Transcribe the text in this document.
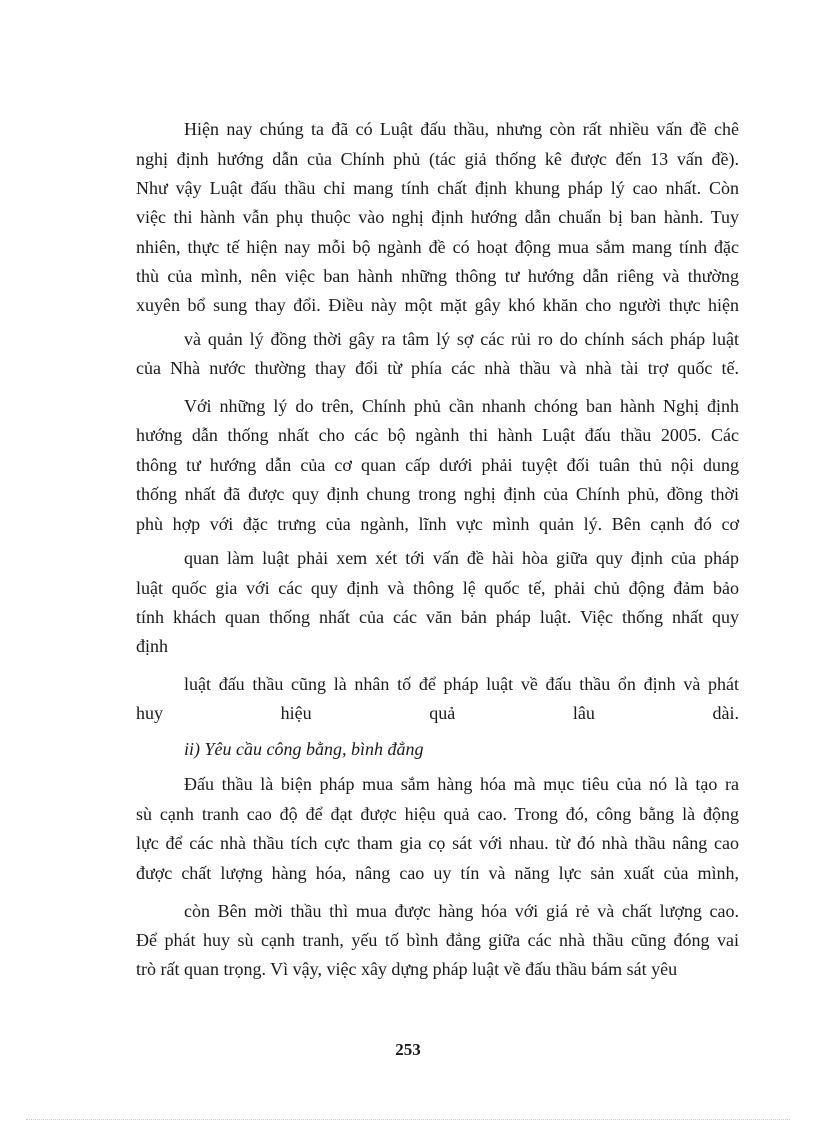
Hiện nay chúng ta đã có Luật đấu thầu, nhưng còn rất nhiều vấn đề chê
nghị định hướng dẫn của Chính phủ (tác giả thống kê được đến 13 vấn đề).
Như vậy Luật đấu thầu chỉ mang tính chất định khung pháp lý cao nhất. Còn
việc thi hành vẫn phụ thuộc vào nghị định hướng dẫn chuẩn bị ban hành. Tuy
nhiên, thực tế hiện nay mỗi bộ ngành đề có hoạt động mua sắm mang tính đặc
thù của mình, nên việc ban hành những thông tư hướng dẫn riêng và thường
xuyên bổ sung thay đổi. Điều này một mặt gây khó khăn cho người thực hiện
và quản lý đồng thời gây ra tâm lý sợ các rủi ro do chính sách pháp luật
của Nhà nước thường thay đổi từ phía các nhà thầu và nhà tài trợ quốc tế.
Với những lý do trên, Chính phủ cần nhanh chóng ban hành Nghị định
hướng dẫn thống nhất cho các bộ ngành thi hành Luật đấu thầu 2005. Các
thông tư hướng dẫn của cơ quan cấp dưới phải tuyệt đối tuân thủ nội dung
thống nhất đã được quy định chung trong nghị định của Chính phủ, đồng thời
phù hợp với đặc trưng của ngành, lĩnh vực mình quản lý. Bên cạnh đó cơ
quan làm luật phải xem xét tới vấn đề hài hòa giữa quy định của pháp
luật quốc gia với các quy định và thông lệ quốc tế, phải chủ động đảm bảo
tính khách quan thống nhất của các văn bản pháp luật. Việc thống nhất quy
định
luật đấu thầu cũng là nhân tố để pháp luật về đấu thầu ổn định và phát
huy hiệu quả lâu dài.
ii) Yêu cầu công bằng, bình đẳng
Đấu thầu là biện pháp mua sắm hàng hóa mà mục tiêu của nó là tạo ra
sù cạnh tranh cao độ để đạt được hiệu quả cao. Trong đó, công bằng là động
lực để các nhà thầu tích cực tham gia cọ sát với nhau. từ đó nhà thầu nâng cao
được chất lượng hàng hóa, nâng cao uy tín và năng lực sản xuất của mình,
còn Bên mời thầu thì mua được hàng hóa với giá rẻ và chất lượng cao.
Để phát huy sù cạnh tranh, yếu tố bình đẳng giữa các nhà thầu cũng đóng vai
trò rất quan trọng. Vì vậy, việc xây dựng pháp luật về đấu thầu bám sát yêu
253
